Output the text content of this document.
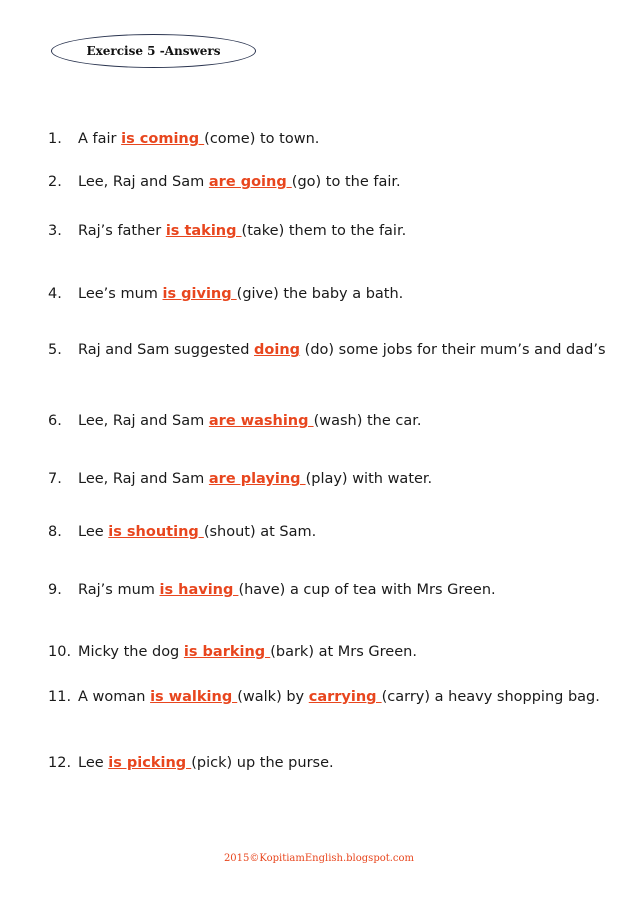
Exercise 5 -Answers
1.	A fair is coming (come) to town.
2.	Lee, Raj and Sam are going (go) to the fair.
3.	Raj’s father is taking (take) them to the fair.
4.	Lee’s mum is giving (give) the baby a bath.
5.	Raj and Sam suggested doing (do) some jobs for their mum’s and dad’s
6.	Lee, Raj and Sam are washing (wash) the car.
7.	Lee, Raj and Sam are playing (play) with water.
8.	Lee is shouting (shout) at Sam.
9.	Raj’s mum is having (have) a cup of tea with Mrs Green.
10. Micky the dog is barking (bark) at Mrs Green.
11. A woman is walking (walk) by carrying (carry) a heavy shopping bag.
12. Lee is picking (pick) up the purse.
2015©KopitiamEnglish.blogspot.com
